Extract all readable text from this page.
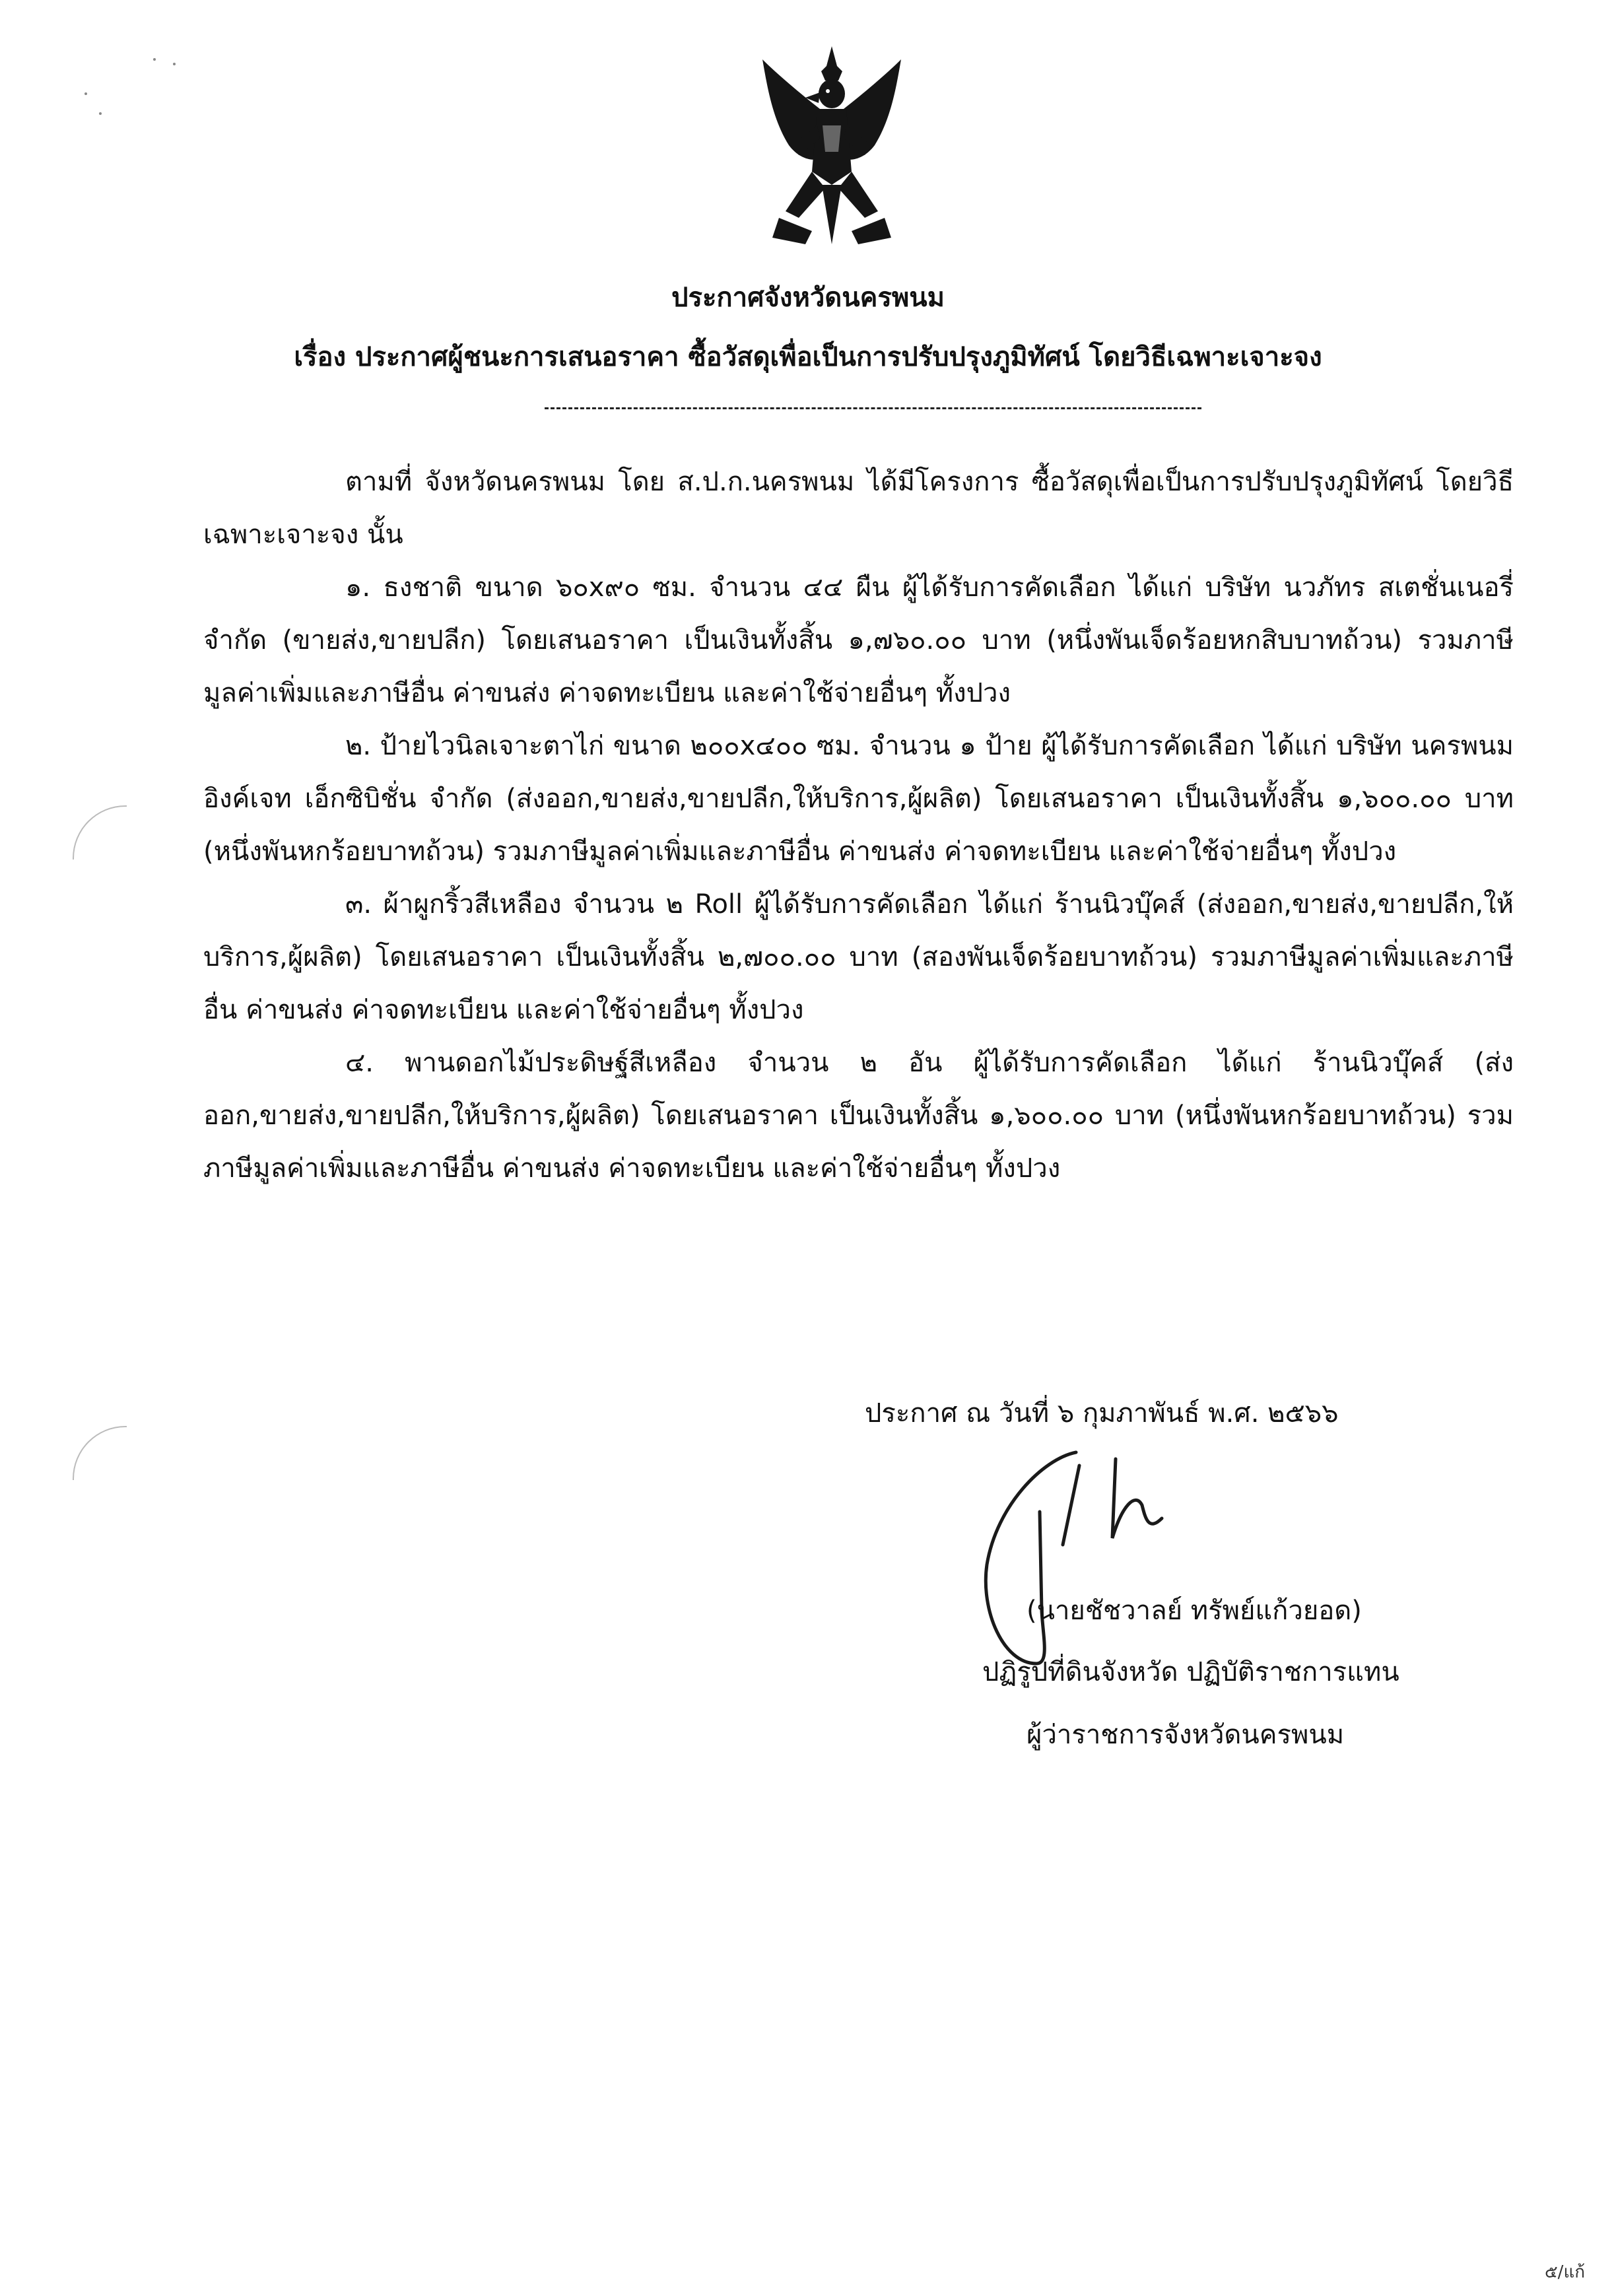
ประกาศจังหวัดนครพนม
เรื่อง ประกาศผู้ชนะการเสนอราคา ซื้อวัสดุเพื่อเป็นการปรับปรุงภูมิทัศน์ โดยวิธีเฉพาะเจาะจง

ตามที่ จังหวัดนครพนม โดย ส.ป.ก.นครพนม ได้มีโครงการ ซื้อวัสดุเพื่อเป็นการปรับปรุงภูมิทัศน์ โดยวิธีเฉพาะเจาะจง นั้น

๑. ธงชาติ ขนาด ๖๐x๙๐ ซม. จำนวน ๔๔ ผืน ผู้ได้รับการคัดเลือก ได้แก่ บริษัท นวภัทร สเตชั่นเนอรี่ จำกัด (ขายส่ง,ขายปลีก) โดยเสนอราคา เป็นเงินทั้งสิ้น ๑,๗๖๐.๐๐ บาท (หนึ่งพันเจ็ดร้อยหกสิบบาทถ้วน) รวมภาษีมูลค่าเพิ่มและภาษีอื่น ค่าขนส่ง ค่าจดทะเบียน และค่าใช้จ่ายอื่นๆ ทั้งปวง

๒. ป้ายไวนิลเจาะตาไก่ ขนาด ๒๐๐x๔๐๐ ซม. จำนวน ๑ ป้าย ผู้ได้รับการคัดเลือก ได้แก่ บริษัท นครพนมอิงค์เจท เอ็กซิบิชั่น จำกัด (ส่งออก,ขายส่ง,ขายปลีก,ให้บริการ,ผู้ผลิต) โดยเสนอราคา เป็นเงินทั้งสิ้น ๑,๖๐๐.๐๐ บาท (หนึ่งพันหกร้อยบาทถ้วน) รวมภาษีมูลค่าเพิ่มและภาษีอื่น ค่าขนส่ง ค่าจดทะเบียน และค่าใช้จ่ายอื่นๆ ทั้งปวง

๓. ผ้าผูกริ้วสีเหลือง จำนวน ๒ Roll ผู้ได้รับการคัดเลือก ได้แก่ ร้านนิวบุ๊คส์ (ส่งออก,ขายส่ง,ขายปลีก,ให้บริการ,ผู้ผลิต) โดยเสนอราคา เป็นเงินทั้งสิ้น ๒,๗๐๐.๐๐ บาท (สองพันเจ็ดร้อยบาทถ้วน) รวมภาษีมูลค่าเพิ่มและภาษีอื่น ค่าขนส่ง ค่าจดทะเบียน และค่าใช้จ่ายอื่นๆ ทั้งปวง

๔. พานดอกไม้ประดิษฐ์สีเหลือง จำนวน ๒ อัน ผู้ได้รับการคัดเลือก ได้แก่ ร้านนิวบุ๊คส์ (ส่งออก,ขายส่ง,ขายปลีก,ให้บริการ,ผู้ผลิต) โดยเสนอราคา เป็นเงินทั้งสิ้น ๑,๖๐๐.๐๐ บาท (หนึ่งพันหกร้อยบาทถ้วน) รวมภาษีมูลค่าเพิ่มและภาษีอื่น ค่าขนส่ง ค่าจดทะเบียน และค่าใช้จ่ายอื่นๆ ทั้งปวง

ประกาศ ณ วันที่ ๖ กุมภาพันธ์ พ.ศ. ๒๕๖๖
(นายชัชวาลย์ ทรัพย์แก้วยอด)
ปฏิรูปที่ดินจังหวัด ปฏิบัติราชการแทน
ผู้ว่าราชการจังหวัดนครพนม
๕/แก้
